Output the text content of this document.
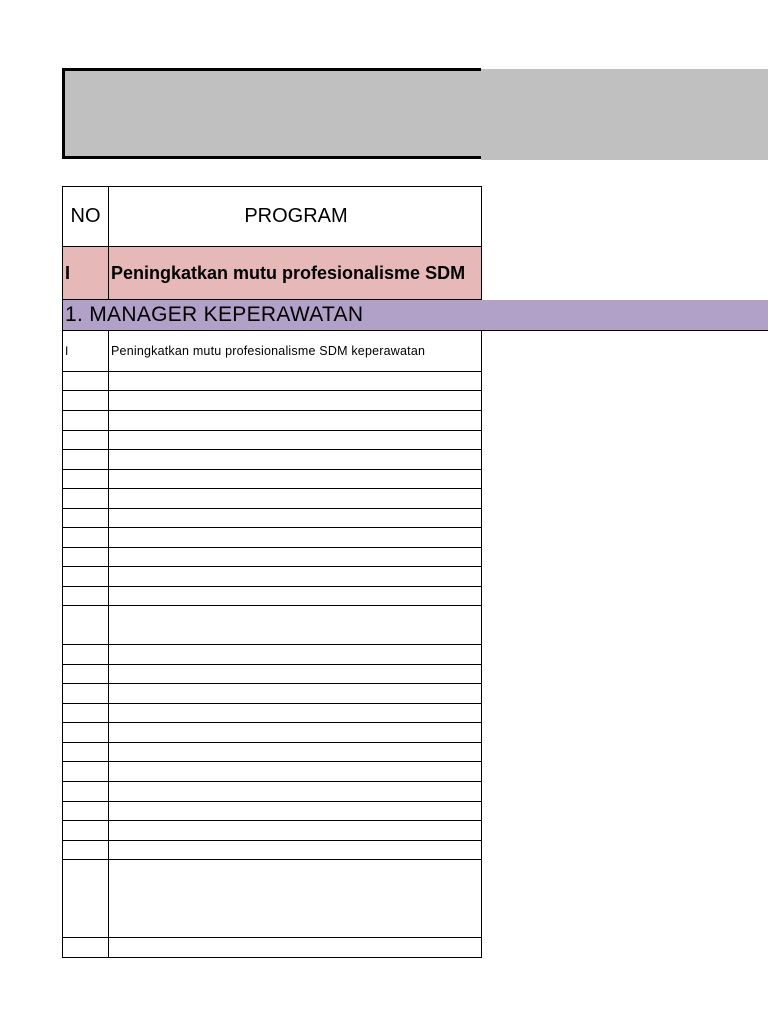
NO	PROGRAM
I	Peningkatkan mutu profesionalisme SDM
1. MANAGER KEPERAWATAN
I	Peningkatkan mutu profesionalisme SDM keperawatan
